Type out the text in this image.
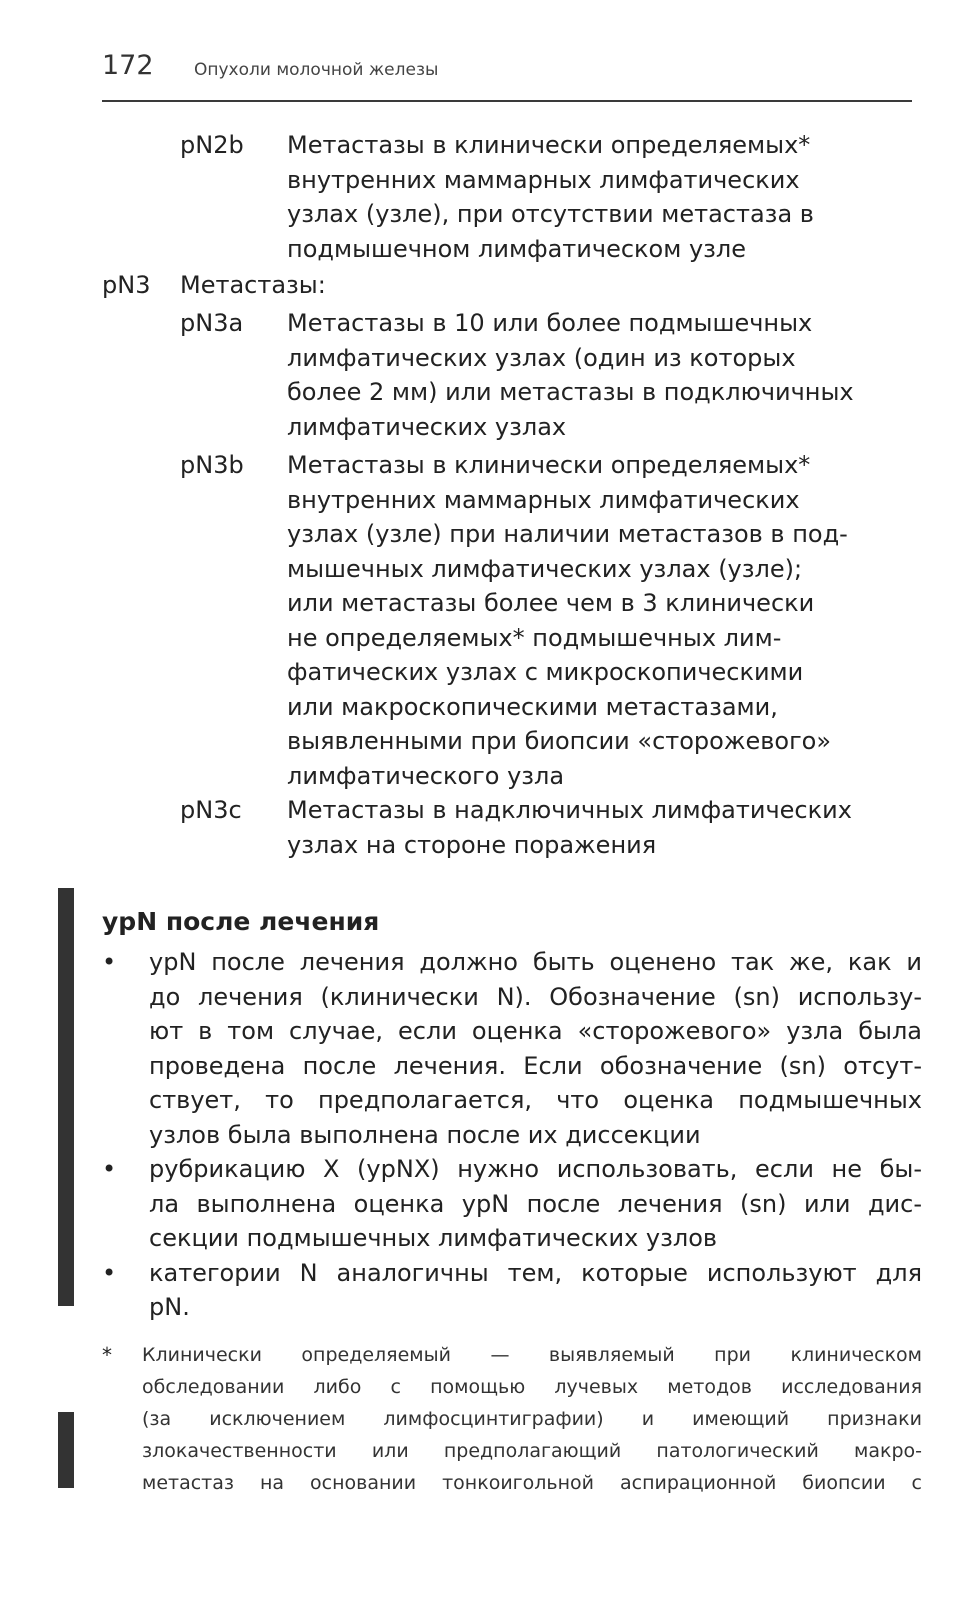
172 Опухоли молочной железы
pN2b Метастазы в клинически определяемых*
внутренних маммарных лимфатических
узлах (узле), при отсутствии метастаза в
подмышечном лимфатическом узле
pN3 Метастазы:
pN3a Метастазы в 10 или более подмышечных
лимфатических узлах (один из которых
более 2 мм) или метастазы в подключичных
лимфатических узлах
pN3b Метастазы в клинически определяемых*
внутренних маммарных лимфатических
узлах (узле) при наличии метастазов в под-
мышечных лимфатических узлах (узле);
или метастазы более чем в 3 клинически
не определяемых* подмышечных лим-
фатических узлах с микроскопическими
или макроскопическими метастазами,
выявленными при биопсии «сторожевого»
лимфатического узла
pN3c Метастазы в надключичных лимфатических
узлах на стороне поражения
ypN после лечения
• ypN после лечения должно быть оценено так же, как и
до лечения (клинически N). Обозначение (sn) использу-
ют в том случае, если оценка «сторожевого» узла была
проведена после лечения. Если обозначение (sn) отсут-
ствует, то предполагается, что оценка подмышечных
узлов была выполнена после их диссекции
• рубрикацию X (ypNX) нужно использовать, если не бы-
ла выполнена оценка ypN после лечения (sn) или дис-
секции подмышечных лимфатических узлов
• категории N аналогичны тем, которые используют для
pN.
* Клинически определяемый — выявляемый при клиническом
обследовании либо с помощью лучевых методов исследования
(за исключением лимфосцинтиграфии) и имеющий признаки
злокачественности или предполагающий патологический макро-
метастаз на основании тонкоигольной аспирационной биопсии с
